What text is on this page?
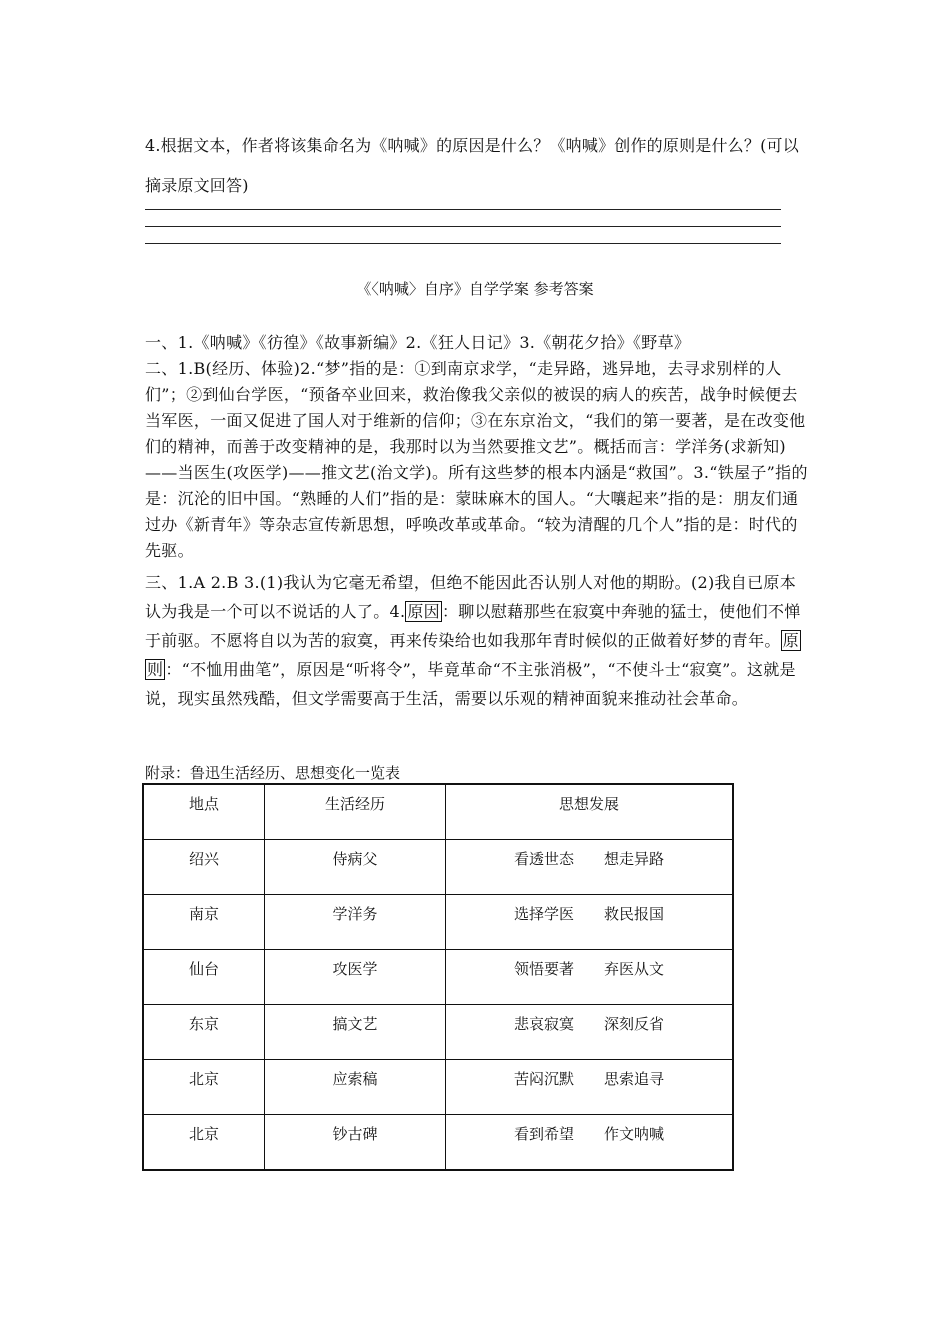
4.根据文本，作者将该集命名为《呐喊》的原因是什么？《呐喊》创作的原则是什么？(可以摘录原文回答)
《〈呐喊〉自序》自学学案 参考答案

一、1.《呐喊》《彷徨》《故事新编》2.《狂人日记》3.《朝花夕拾》《野草》

二、1.B(经历、体验)2.“梦”指的是：①到南京求学，“走异路，逃异地，去寻求别样的人们”；②到仙台学医，“预备卒业回来，救治像我父亲似的被误的病人的疾苦，战争时候便去当军医，一面又促进了国人对于维新的信仰；③在东京治文，“我们的第一要著，是在改变他们的精神，而善于改变精神的是，我那时以为当然要推文艺”。概括而言：学洋务(求新知)——当医生(攻医学)——推文艺(治文学)。所有这些梦的根本内涵是“救国”。3.“铁屋子”指的是：沉沦的旧中国。“熟睡的人们”指的是：蒙昧麻木的国人。“大嚷起来”指的是：朋友们通过办《新青年》等杂志宣传新思想，呼唤改革或革命。“较为清醒的几个人”指的是：时代的先驱。

三、1.A 2.B 3.(1)我认为它毫无希望，但绝不能因此否认别人对他的期盼。(2)我自已原本认为我是一个可以不说话的人了。4. 原因 ：聊以慰藉那些在寂寞中奔驰的猛士，使他们不惮于前驱。不愿将自以为苦的寂寞，再来传染给也如我那年青时候似的正做着好梦的青年。 原
则 ：“不恤用曲笔”，原因是“听将令”，毕竟革命“不主张消极”，“不使斗士“寂寞”。这就是说，现实虽然残酷，但文学需要高于生活，需要以乐观的精神面貌来推动社会革命。

附录：鲁迅生活经历、思想变化一览表
地点	生活经历	思想发展
绍兴	侍病父	看透世态 想走异路
南京	学洋务	选择学医 救民报国
仙台	攻医学	领悟要著 弃医从文
东京	搞文艺	悲哀寂寞 深刻反省
北京	应索稿	苦闷沉默 思索追寻
北京	钞古碑	看到希望 作文呐喊
